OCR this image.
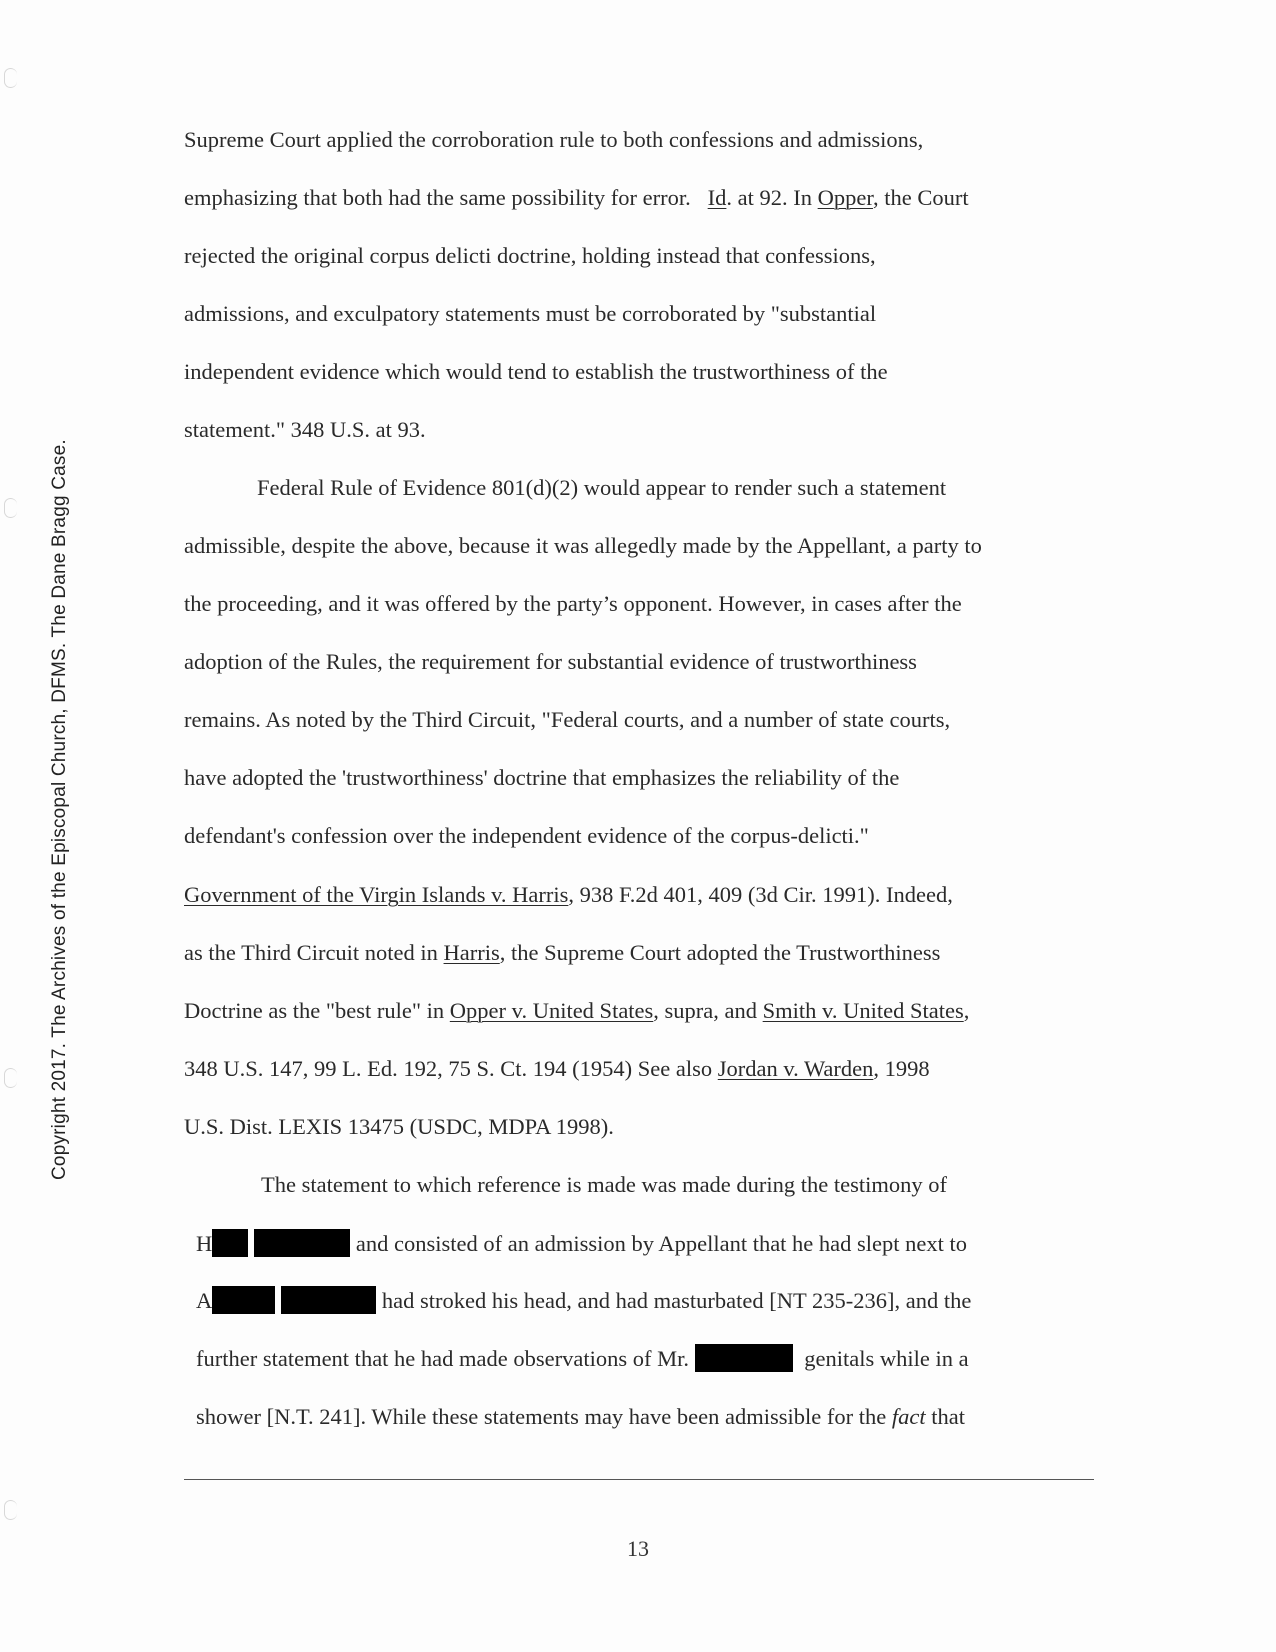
Copyright 2017. The Archives of the Episcopal Church, DFMS. The Dane Bragg Case.
Supreme Court applied the corroboration rule to both confessions and admissions,
emphasizing that both had the same possibility for error. Id. at 92. In Opper, the Court
rejected the original corpus delicti doctrine, holding instead that confessions,
admissions, and exculpatory statements must be corroborated by "substantial
independent evidence which would tend to establish the trustworthiness of the
statement." 348 U.S. at 93.
Federal Rule of Evidence 801(d)(2) would appear to render such a statement
admissible, despite the above, because it was allegedly made by the Appellant, a party to
the proceeding, and it was offered by the party’s opponent. However, in cases after the
adoption of the Rules, the requirement for substantial evidence of trustworthiness
remains. As noted by the Third Circuit, "Federal courts, and a number of state courts,
have adopted the 'trustworthiness' doctrine that emphasizes the reliability of the
defendant's confession over the independent evidence of the corpus-delicti."
Government of the Virgin Islands v. Harris, 938 F.2d 401, 409 (3d Cir. 1991). Indeed,
as the Third Circuit noted in Harris, the Supreme Court adopted the Trustworthiness
Doctrine as the "best rule" in Opper v. United States, supra, and Smith v. United States,
348 U.S. 147, 99 L. Ed. 192, 75 S. Ct. 194 (1954) See also Jordan v. Warden, 1998
U.S. Dist. LEXIS 13475 (USDC, MDPA 1998).
The statement to which reference is made was made during the testimony of
H	and consisted of an admission by Appellant that he had slept next to
A	had stroked his head, and had masturbated [NT 235-236], and the
further statement that he had made observations of Mr.	genitals while in a
shower [N.T. 241]. While these statements may have been admissible for the fact that
13
